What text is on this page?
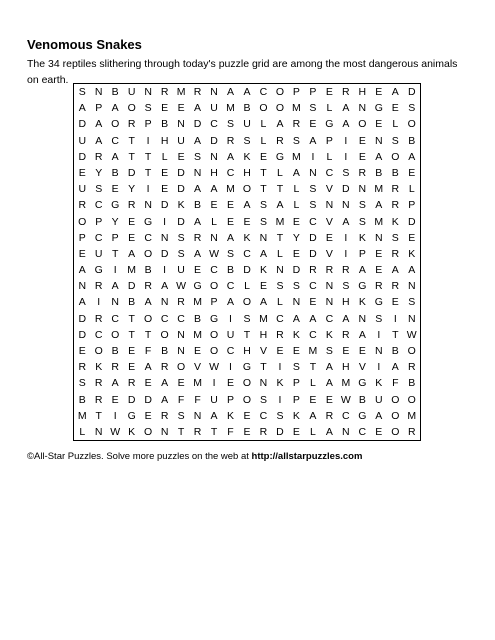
Venomous Snakes
The 34 reptiles slithering through today's puzzle grid are among the most dangerous animals on earth.
S N B U N R M R N A A C O P P E R H E A D
A P A O S E E A U M B O O M S L A N G E S
D A O R P B N D C S U L A R E G A O E L O
U A C T	I	H U A D R S L R S A P	I	E N S B
D R A T T L E S N A K E G M	I	L	I	E A O A
E Y B D T E D N H C H T L A N C S R B B E
U S E Y	I	E D A A M O T T L S V D N M R L
R C G R N D K B E E A S A L S N N S A R P
O P Y E G	I	D A L E E S M E C V A S M K D
P C P E C N S R N A K N T Y D E	I	K N S E
E U T A O D S A W S C A L E D V	I	P E R K
A G	I	M B	I	U E C B D K N D R R R A E A A
N R A D R A W G O C L E S S C N S G R R N
A	I	N B A N R M P A O A L N E N H K G E S
D R C T O C C B G	I	S M C A A C A N S	I	N
D C O T T O N M O U T H R K C K R A	I	T W
E O B E F B N E O C H V E E M S E E N B O
R K R E A R O V W I	G T	I	S T A H V	I	A R
S R A R E A E M	I	E O N K P L A M G K F B
B R E D D A F F U P O S	I	P E E W B U O O
M T	I	G E R S N A K E C S K A R C G A O M
L N W K O N T R T F E R D E L A N C E O R
©All-Star Puzzles. Solve more puzzles on the web at http://allstarpuzzles.com
